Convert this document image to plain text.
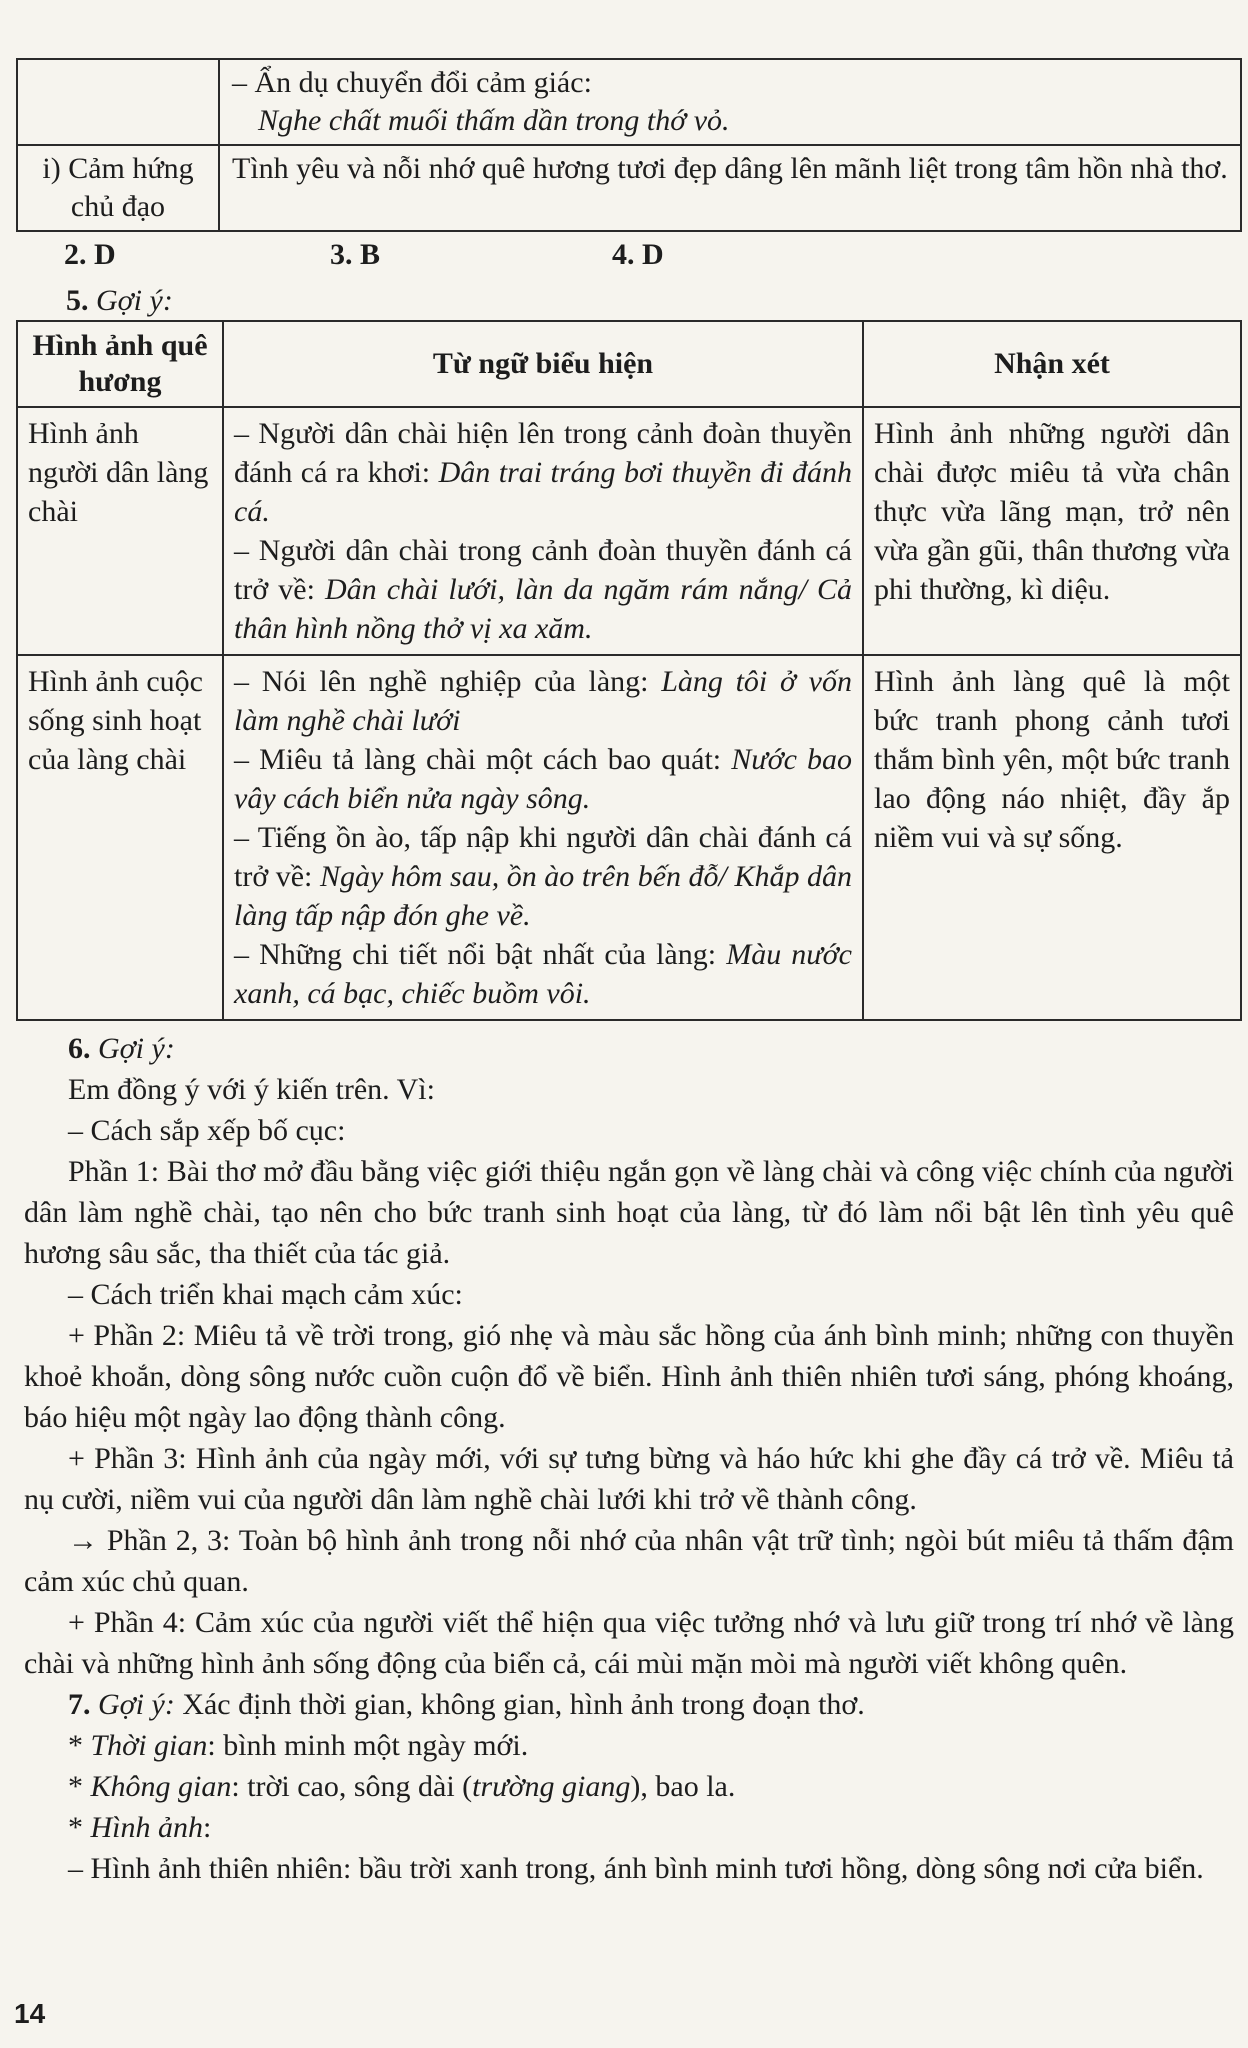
	– Ẩn dụ chuyển đổi cảm giác:
Nghe chất muối thấm dần trong thớ vỏ.

i) Cảm hứng chủ đạo	Tình yêu và nỗi nhớ quê hương tươi đẹp dâng lên mãnh liệt trong tâm hồn nhà thơ.
2. D	3. B	4. D
5. Gợi ý:
Hình ảnh quê hương	Từ ngữ biểu hiện	Nhận xét
Hình ảnh người dân làng chài	– Người dân chài hiện lên trong cảnh đoàn thuyền đánh cá ra khơi: Dân trai tráng bơi thuyền đi đánh cá.
– Người dân chài trong cảnh đoàn thuyền đánh cá trở về: Dân chài lưới, làn da ngăm rám nắng/ Cả thân hình nồng thở vị xa xăm.	Hình ảnh những người dân chài được miêu tả vừa chân thực vừa lãng mạn, trở nên vừa gần gũi, thân thương vừa phi thường, kì diệu.
Hình ảnh cuộc sống sinh hoạt của làng chài	– Nói lên nghề nghiệp của làng: Làng tôi ở vốn làm nghề chài lưới
– Miêu tả làng chài một cách bao quát: Nước bao vây cách biển nửa ngày sông.
– Tiếng ồn ào, tấp nập khi người dân chài đánh cá trở về: Ngày hôm sau, ồn ào trên bến đỗ/ Khắp dân làng tấp nập đón ghe về.
– Những chi tiết nổi bật nhất của làng: Màu nước xanh, cá bạc, chiếc buồm vôi.	Hình ảnh làng quê là một bức tranh phong cảnh tươi thắm bình yên, một bức tranh lao động náo nhiệt, đầy ắp niềm vui và sự sống.

6. Gợi ý:

Em đồng ý với ý kiến trên. Vì:

– Cách sắp xếp bố cục:

Phần 1: Bài thơ mở đầu bằng việc giới thiệu ngắn gọn về làng chài và công việc chính của người dân làm nghề chài, tạo nên cho bức tranh sinh hoạt của làng, từ đó làm nổi bật lên tình yêu quê hương sâu sắc, tha thiết của tác giả.

– Cách triển khai mạch cảm xúc:

+ Phần 2: Miêu tả về trời trong, gió nhẹ và màu sắc hồng của ánh bình minh; những con thuyền khoẻ khoắn, dòng sông nước cuồn cuộn đổ về biển. Hình ảnh thiên nhiên tươi sáng, phóng khoáng, báo hiệu một ngày lao động thành công.

+ Phần 3: Hình ảnh của ngày mới, với sự tưng bừng và háo hức khi ghe đầy cá trở về. Miêu tả nụ cười, niềm vui của người dân làm nghề chài lưới khi trở về thành công.

→ Phần 2, 3: Toàn bộ hình ảnh trong nỗi nhớ của nhân vật trữ tình; ngòi bút miêu tả thấm đậm cảm xúc chủ quan.

+ Phần 4: Cảm xúc của người viết thể hiện qua việc tưởng nhớ và lưu giữ trong trí nhớ về làng chài và những hình ảnh sống động của biển cả, cái mùi mặn mòi mà người viết không quên.

7. Gợi ý: Xác định thời gian, không gian, hình ảnh trong đoạn thơ.

* Thời gian: bình minh một ngày mới.

* Không gian: trời cao, sông dài (trường giang), bao la.

* Hình ảnh:

– Hình ảnh thiên nhiên: bầu trời xanh trong, ánh bình minh tươi hồng, dòng sông nơi cửa biển.

14
